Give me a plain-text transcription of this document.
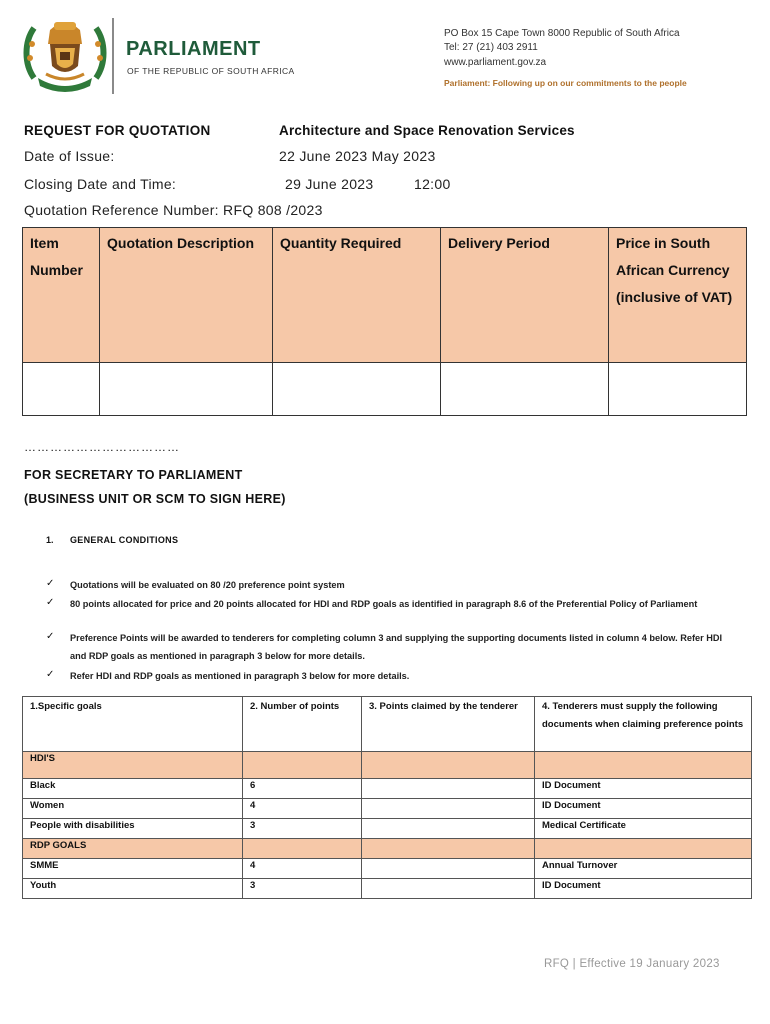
PARLIAMENT
OF THE REPUBLIC OF SOUTH AFRICA
PO Box 15 Cape Town 8000 Republic of South Africa
Tel: 27 (21) 403 2911
www.parliament.gov.za
Parliament: Following up on our commitments to the people
REQUEST FOR QUOTATION	Architecture and Space Renovation Services
Date of Issue:	22 June 2023 May 2023
Closing Date and Time:	29 June 2023	12:00
Quotation Reference Number: RFQ 808 /2023
Item Number	Quotation Description	Quantity Required	Delivery Period	Price in South African Currency (inclusive of VAT)

………………………………
FOR SECRETARY TO PARLIAMENT
(BUSINESS UNIT OR SCM TO SIGN HERE)
1. GENERAL CONDITIONS
✓ Quotations will be evaluated on 80 /20 preference point system
✓ 80 points allocated for price and 20 points allocated for HDI and RDP goals as identified in paragraph 8.6 of the Preferential Policy of Parliament
✓ Preference Points will be awarded to tenderers for completing column 3 and supplying the supporting documents listed in column 4 below. Refer HDI and RDP goals as mentioned in paragraph 3 below for more details.
✓ Refer HDI and RDP goals as mentioned in paragraph 3 below for more details.
1.Specific goals	2. Number of points	3. Points claimed by the tenderer	4. Tenderers must supply the following documents when claiming preference points
HDI'S			
Black	6		ID Document
Women	4		ID Document
People with disabilities	3		Medical Certificate
RDP GOALS			
SMME	4		Annual Turnover
Youth	3		ID Document
RFQ | Effective 19 January 2023
